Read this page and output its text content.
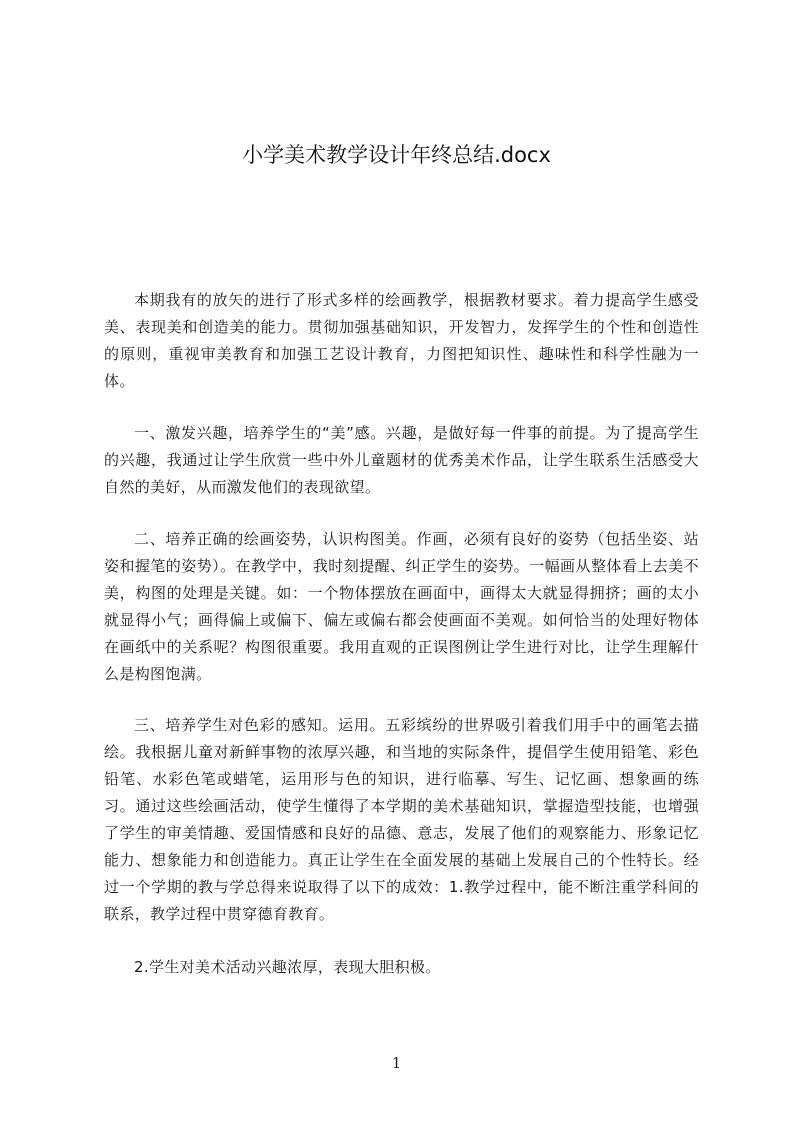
小学美术教学设计年终总结.docx
本期我有的放矢的进行了形式多样的绘画教学，根据教材要求。着力提高学生感受美、表现美和创造美的能力。贯彻加强基础知识，开发智力，发挥学生的个性和创造性的原则，重视审美教育和加强工艺设计教育，力图把知识性、趣味性和科学性融为一体。
一、激发兴趣，培养学生的“美”感。兴趣，是做好每一件事的前提。为了提高学生的兴趣，我通过让学生欣赏一些中外儿童题材的优秀美术作品，让学生联系生活感受大自然的美好，从而激发他们的表现欲望。
二、培养正确的绘画姿势，认识构图美。作画，必须有良好的姿势（包括坐姿、站姿和握笔的姿势）。在教学中，我时刻提醒、纠正学生的姿势。一幅画从整体看上去美不美，构图的处理是关键。如：一个物体摆放在画面中，画得太大就显得拥挤；画的太小就显得小气；画得偏上或偏下、偏左或偏右都会使画面不美观。如何恰当的处理好物体在画纸中的关系呢？构图很重要。我用直观的正误图例让学生进行对比，让学生理解什么是构图饱满。
三、培养学生对色彩的感知。运用。五彩缤纷的世界吸引着我们用手中的画笔去描绘。我根据儿童对新鲜事物的浓厚兴趣，和当地的实际条件，提倡学生使用铅笔、彩色铅笔、水彩色笔或蜡笔，运用形与色的知识，进行临摹、写生、记忆画、想象画的练习。通过这些绘画活动，使学生懂得了本学期的美术基础知识，掌握造型技能，也增强了学生的审美情趣、爱国情感和良好的品德、意志，发展了他们的观察能力、形象记忆能力、想象能力和创造能力。真正让学生在全面发展的基础上发展自己的个性特长。经过一个学期的教与学总得来说取得了以下的成效：1.教学过程中，能不断注重学科间的联系，教学过程中贯穿德育教育。
2.学生对美术活动兴趣浓厚，表现大胆积极。
1
